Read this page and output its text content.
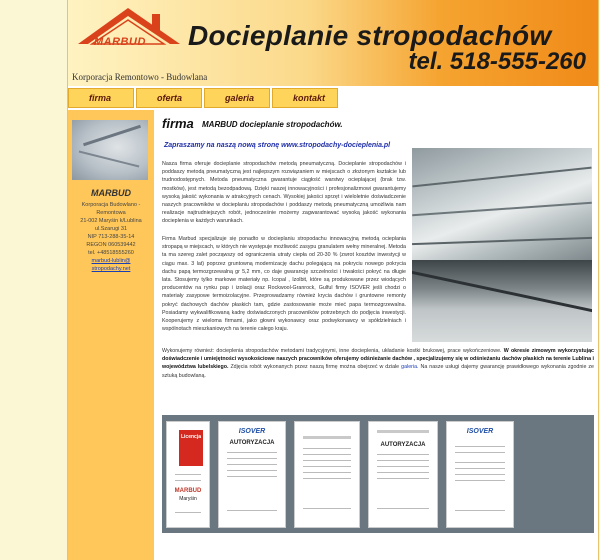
MARBUD
Korporacja Remontowo - Budowlana
Docieplanie stropodachów
tel. 518-555-260
firma	oferta	galeria	kontakt
MARBUD
Korporacja Budowlano -
Remontowa
21-002 Maryśin k/Lublina
ul.Szarugi 31
NIP 713-288-35-14
REGON 060539442
tel. +48518555260
marbud-lublin@
stropodachy.net
firma MARBUD docieplanie stropodachów.
Zapraszamy na naszą nową stronę www.stropodachy-docieplenia.pl
Nasza firma oferuje docieplanie stropodachów metodą pneumatyczną. Docieplanie stropodachów i poddaszy metodą pneumatyczną jest najlepszym rozwiązaniem w miejscach o złożonym kształcie lub trudnodostępnych. Metoda pneumatyczna gwarantuje ciągłość warstwy ocieplającej (brak tzw. mostków), jest metodą bezodpadową. Dzięki naszej innowacyjności i profesjonalizmowi gwarantujemy wysoką jakość wykonania w atrakcyjnych cenach. Wysokiej jakości sprzęt i wieloletnie doświadczenie naszych pracowników w docieplaniu stropodachów i poddaszy metodą pneumatyczną umożliwia nam realizacje najtrudniejszych robót, jednocześnie możemy zagwarantować wysoką jakość wykonania docieplenia w każdych warunkach.
Firma Marbud specjalizuje się ponadto w docieplaniu stropodachu innowacyjną metodą ocieplania stropapą w miejscach, w których nie występuje możliwość zasypu granulatem wełny mineralnej. Metoda ta ma szereg zalet począwszy od ograniczenia utraty ciepła od 20-30 % (zwrot kosztów inwestycji w ciągu max. 3 lat) poprzez gruntowną modernizację dachu polegającą na pokryciu nowego pokrycia dachu papą termozgrzewalną gr 5,2 mm, co daje gwarancję szczelności i trwałości pokryć na długie lata. Stosujemy tylko markowe materiały np. Icopal , Izolbit, które są produkowane przez wiodących producentów na rynku pap i izolacji oraz Rockwool-Granrock, Gulful firmy ISOVER jeśli chodzi o materiały zasypowe termoizolacyjne. Przeprowadzamy również krycia dachów i gruntowne remonty pokryć dachowych dachów płaskich tam, gdzie zastosowanie może mieć papa termozgrzewalna. Posiadamy wykwalifikowaną kadrę doświadczonych pracowników potrzebnych do podjęcia inwestycji. Kooperujemy z wieloma firmami, jako głowni wykonawcy oraz podwykonawcy w spółdzielniach i wspólnotach mieszkaniowych na terenie całego kraju.
Wykonujemy również: docieplenia stropodachów metodami tradycyjnymi, inne docieplenia, układanie kostki brukowej, prace wykończeniowe. W okresie zimowym wykorzystując doświadczenie i umiejętności wysokościowe naszych pracowników oferujemy odśnieżanie dachów , specjalizujemy się w odśnieżaniu dachów płaskich na terenie Lublina i województwa lubelskiego. Zdjęcia robót wykonanych przez naszą firmę można obejrzeć w dziale galeria. Na nasze usługi dajemy gwarancję prawidłowego wykonania zgodnie ze sztuką budowlaną.
Licencja
MARBUD
Maryśin
ISOVER
AUTORYZACJA	AUTORYZACJA
ISOVER
